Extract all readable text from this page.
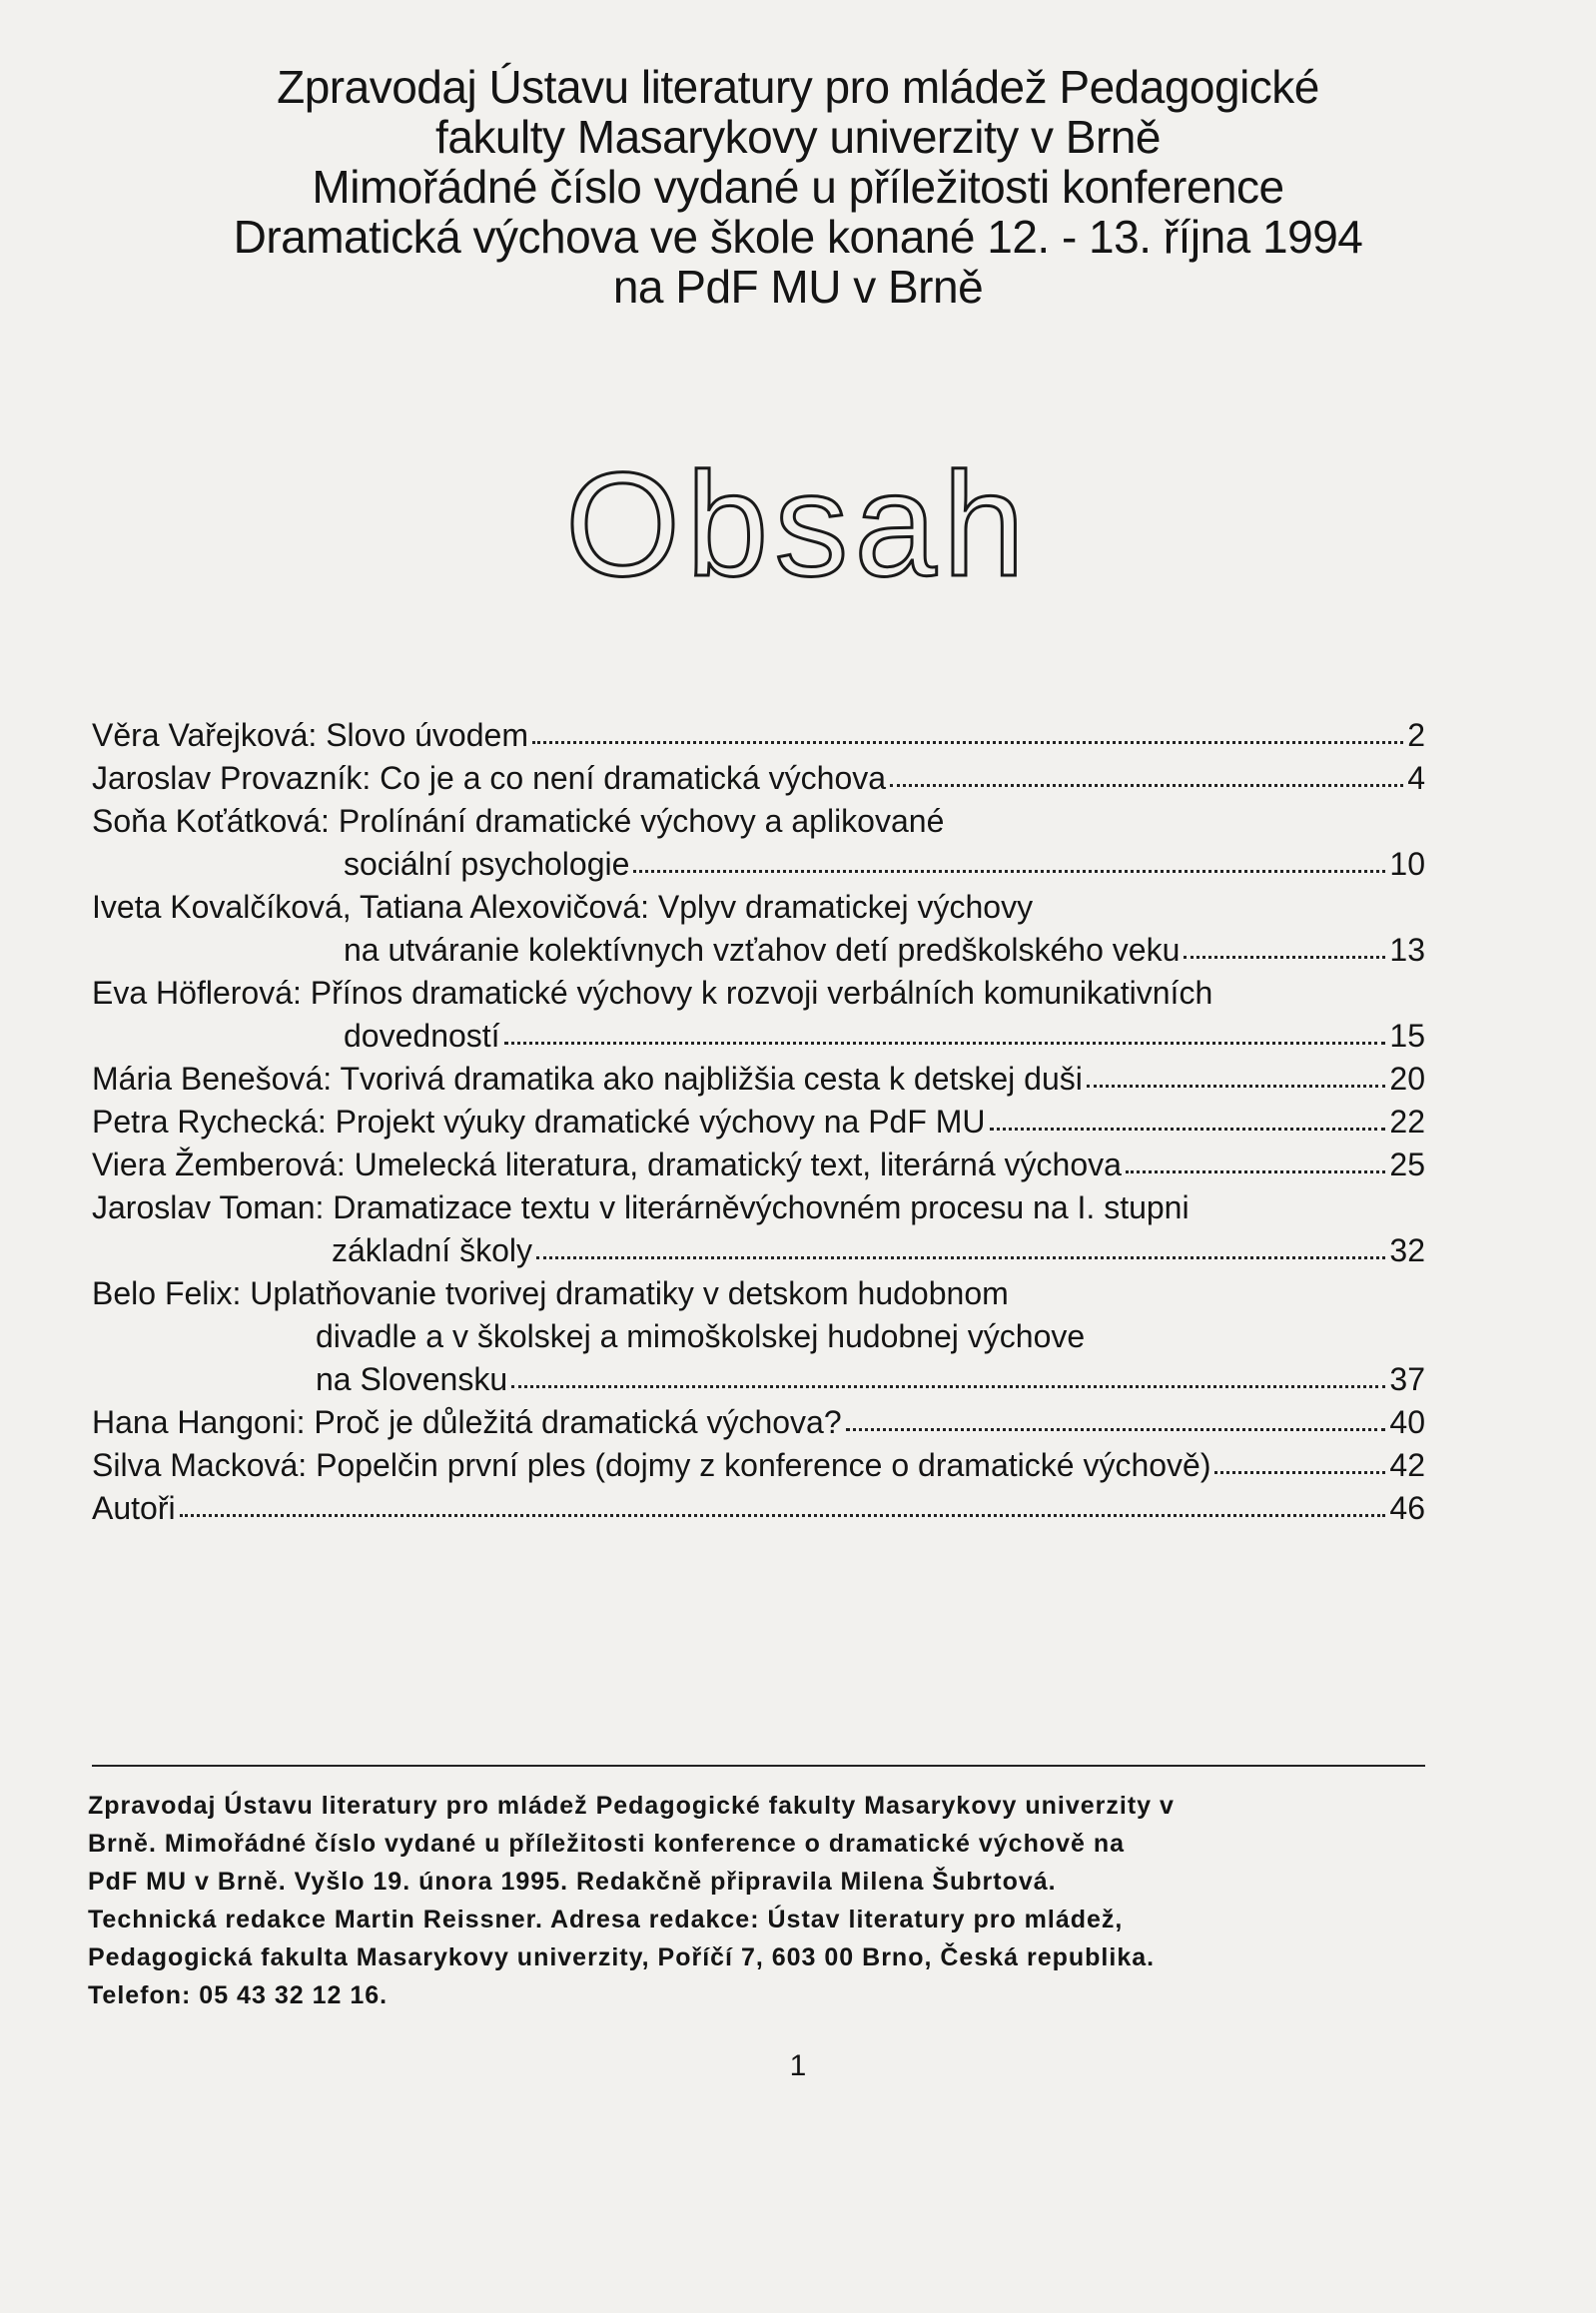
Zpravodaj Ústavu literatury pro mládež Pedagogické
fakulty Masarykovy univerzity v Brně
Mimořádné číslo vydané u příležitosti konference
Dramatická výchova ve škole konané 12. - 13. října 1994
na PdF MU v Brně
Obsah
Věra Vařejková: Slovo úvodem	2
Jaroslav Provazník: Co je a co není dramatická výchova	4
Soňa Koťátková: Prolínání dramatické výchovy a aplikované
sociální psychologie	10
Iveta Kovalčíková, Tatiana Alexovičová: Vplyv dramatickej výchovy
na utváranie kolektívnych vzťahov detí predškolského veku	13
Eva Höflerová: Přínos dramatické výchovy k rozvoji verbálních komunikativních
dovedností	15
Mária Benešová: Tvorivá dramatika ako najbližšia cesta k detskej duši	20
Petra Rychecká: Projekt výuky dramatické výchovy na PdF MU	22
Viera Žemberová: Umelecká literatura, dramatický text, literárná výchova	25
Jaroslav Toman: Dramatizace textu v literárněvýchovném procesu na I. stupni
základní školy	32
Belo Felix: Uplatňovanie tvorivej dramatiky v detskom hudobnom
divadle a v školskej a mimoškolskej hudobnej výchove
na Slovensku	37
Hana Hangoni: Proč je důležitá dramatická výchova?	40
Silva Macková: Popelčin první ples (dojmy z konference o dramatické výchově)	42
Autoři	46
Zpravodaj Ústavu literatury pro mládež Pedagogické fakulty Masarykovy univerzity v
Brně. Mimořádné číslo vydané u příležitosti konference o dramatické výchově na
PdF MU v Brně. Vyšlo 19. února 1995. Redakčně připravila Milena Šubrtová.
Technická redakce Martin Reissner. Adresa redakce: Ústav literatury pro mládež,
Pedagogická fakulta Masarykovy univerzity, Poříčí 7, 603 00 Brno, Česká republika.
Telefon: 05 43 32 12 16.
1
